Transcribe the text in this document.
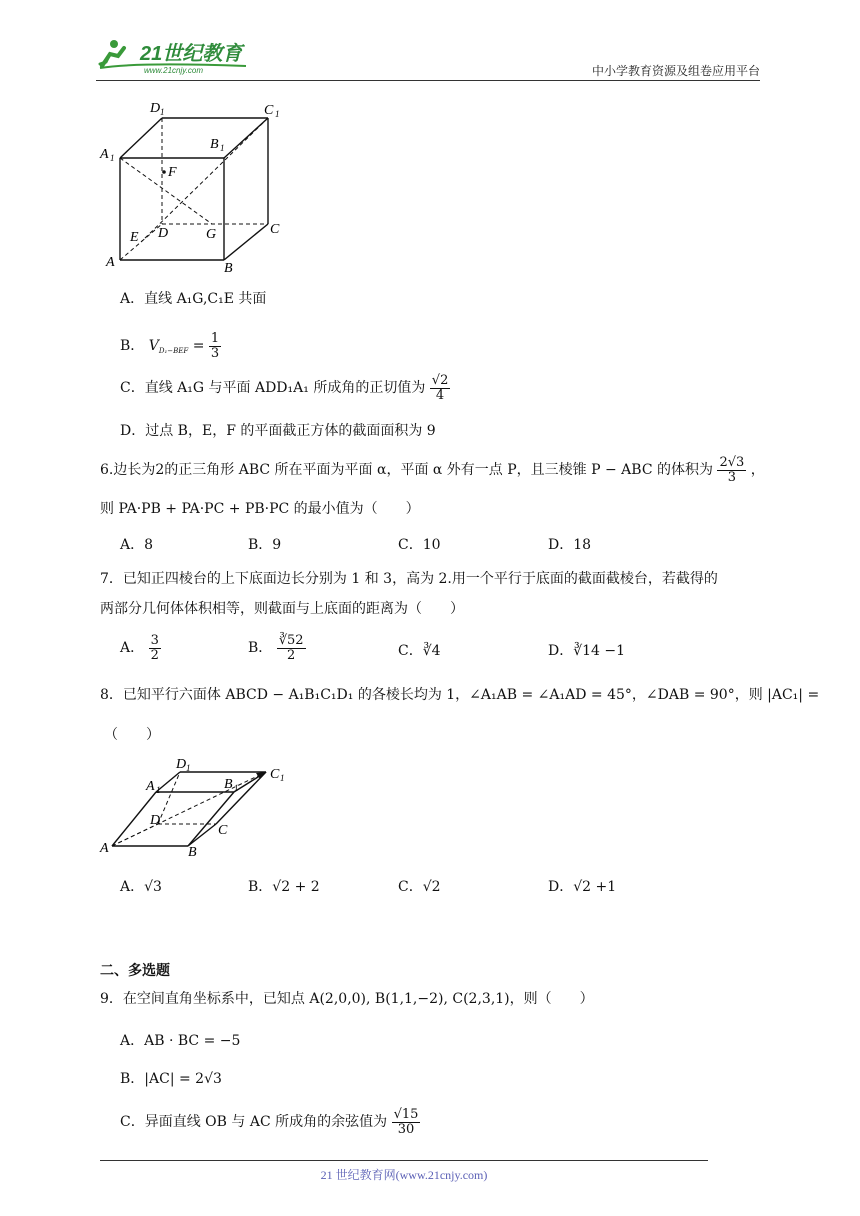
21世纪教育
www.21cnjy.com	中小学教育资源及组卷应用平台
D 1	C 1
B 1
A 1
F
E D	G	C
A	B
A．直线 A₁G,C₁E 共面
B． $V_{D_1-BEF} = \frac{1}{3}$
C．直线 A₁G 与平面 ADD₁A₁ 所成角的正切值为 $\frac{√2}{4}$
D．过点 B，E，F 的平面截正方体的截面面积为 9
6.边长为2的正三角形 ABC 所在平面为平面 α，平面 α 外有一点 P，且三棱锥 P − ABC 的体积为 $\frac{2√3}{3}$ ，
则 PA·PB + PA·PC + PB·PC 的最小值为（　　）
A．8	B．9	C．10	D．18
7．已知正四棱台的上下底面边长分别为 1 和 3，高为 2.用一个平行于底面的截面截棱台，若截得的
两部分几何体体积相等，则截面与上底面的距离为（　　）
A． $\frac{3}{2}$	B． $\frac{∛52}{2}$	C．∛4	D．∛14 −1
8．已知平行六面体 ABCD − A₁B₁C₁D₁ 的各棱长均为 1，∠A₁AB = ∠A₁AD = 45°，∠DAB = 90°，则 |AC₁| =
（　　）
D 1
A 1	B 1
C 1
D
C
A	B
A．√3	B．√2 + 2	C．√2	D．√2 +1
二、多选题
9．在空间直角坐标系中，已知点 A(2,0,0), B(1,1,−2), C(2,3,1)，则（　　）
A．AB · BC = −5
B．|AC| = 2√3
C．异面直线 OB 与 AC 所成角的余弦值为 $\frac{√15}{30}$
21 世纪教育网(www.21cnjy.com)
